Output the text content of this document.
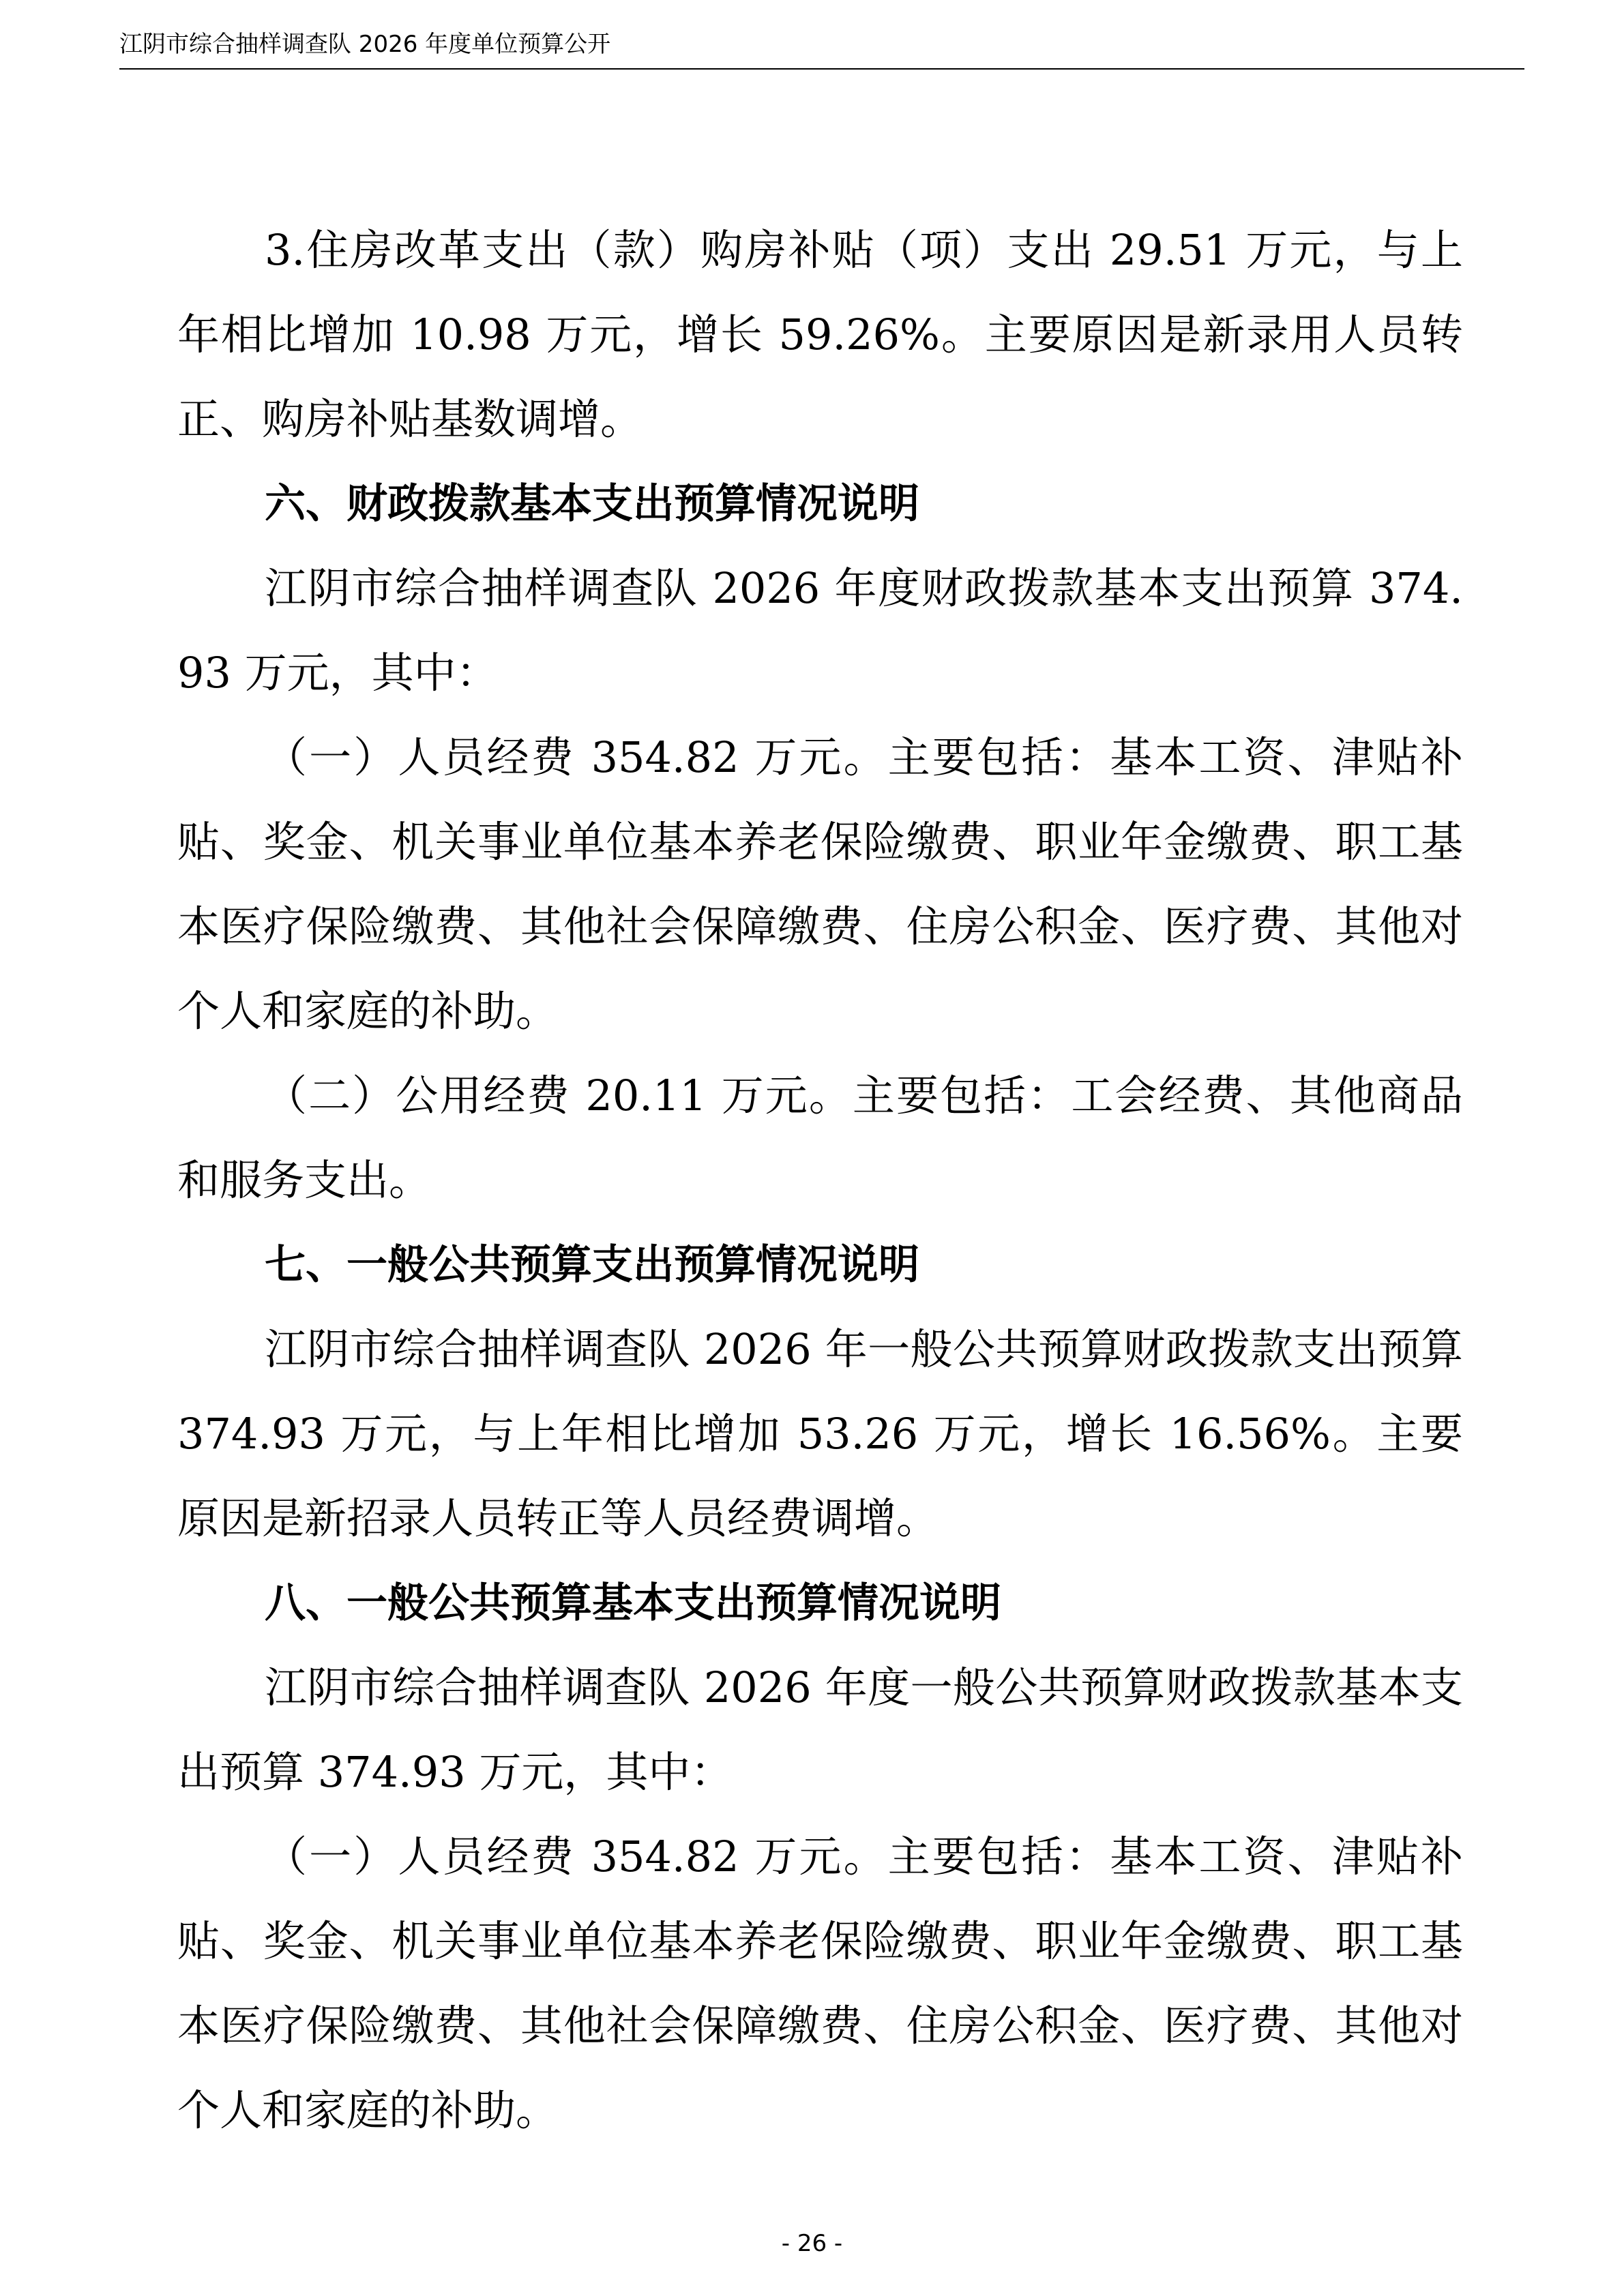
江阴市综合抽样调查队 2026 年度单位预算公开

3.住房改革支出（款）购房补贴（项）支出 29.51 万元，与上年相比增加 10.98 万元，增长 59.26%。主要原因是新录用人员转正、购房补贴基数调增。

六、财政拨款基本支出预算情况说明

江阴市综合抽样调查队 2026 年度财政拨款基本支出预算 374.93 万元，其中：

（一）人员经费 354.82 万元。主要包括：基本工资、津贴补贴、奖金、机关事业单位基本养老保险缴费、职业年金缴费、职工基本医疗保险缴费、其他社会保障缴费、住房公积金、医疗费、其他对个人和家庭的补助。

（二）公用经费 20.11 万元。主要包括：工会经费、其他商品和服务支出。

七、一般公共预算支出预算情况说明

江阴市综合抽样调查队 2026 年一般公共预算财政拨款支出预算 374.93 万元，与上年相比增加 53.26 万元，增长 16.56%。主要原因是新招录人员转正等人员经费调增。

八、一般公共预算基本支出预算情况说明

江阴市综合抽样调查队 2026 年度一般公共预算财政拨款基本支出预算 374.93 万元，其中：

（一）人员经费 354.82 万元。主要包括：基本工资、津贴补贴、奖金、机关事业单位基本养老保险缴费、职业年金缴费、职工基本医疗保险缴费、其他社会保障缴费、住房公积金、医疗费、其他对个人和家庭的补助。

- 26 -
